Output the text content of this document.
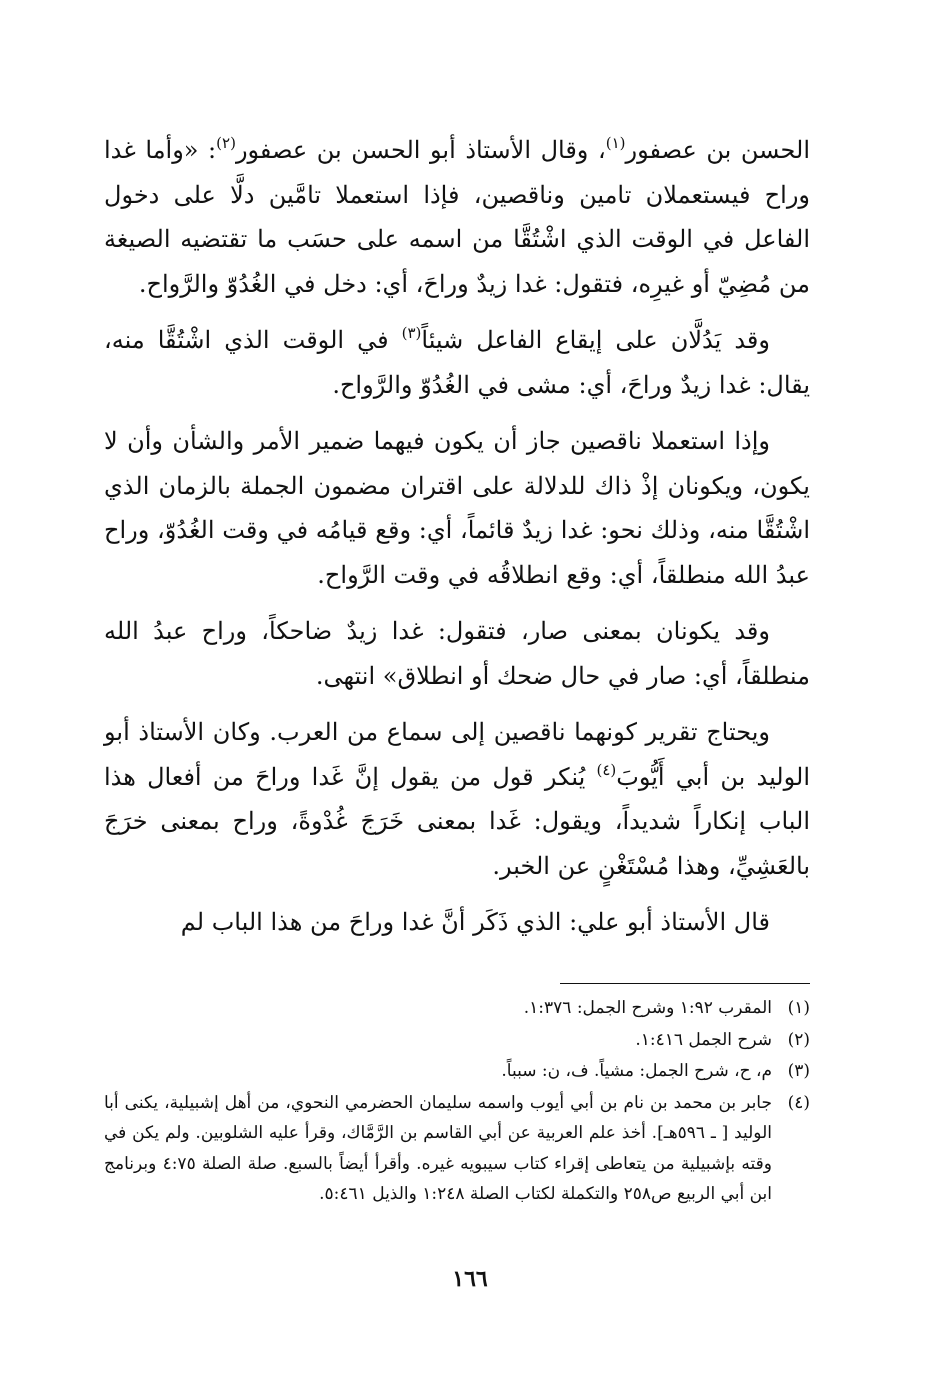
الحسن بن عصفور$^{(١)}$، وقال الأستاذ أبو الحسن بن عصفور$^{(٢)}$: «وأما غدا وراح فيستعملان تامين وناقصين، فإذا استعملا تامَّين دلَّا على دخول الفاعل في الوقت الذي اشْتُقَّا من اسمه على حسَب ما تقتضيه الصيغة من مُضِيّ أو غيرِه، فتقول: غدا زيدٌ وراحَ، أي: دخل في الغُدُوّ والرَّواح.

وقد يَدُلَّان على إيقاع الفاعل شيئاً$^{(٣)}$ في الوقت الذي اشْتُقَّا منه، يقال: غدا زيدٌ وراحَ، أي: مشى في الغُدُوّ والرَّواح.

وإذا استعملا ناقصين جاز أن يكون فيهما ضمير الأمر والشأن وأن لا يكون، ويكونان إذْ ذاك للدلالة على اقتران مضمون الجملة بالزمان الذي اشْتُقَّا منه، وذلك نحو: غدا زيدٌ قائماً، أي: وقع قيامُه في وقت الغُدُوّ، وراح عبدُ الله منطلقاً، أي: وقع انطلاقُه في وقت الرَّواح.

وقد يكونان بمعنى صار، فتقول: غدا زيدٌ ضاحكاً، وراح عبدُ الله منطلقاً، أي: صار في حال ضحك أو انطلاق» انتهى.

ويحتاج تقرير كونهما ناقصين إلى سماع من العرب. وكان الأستاذ أبو الوليد بن أبي أَيُّوبَ$^{(٤)}$ يُنكر قول من يقول إنَّ غَدا وراحَ من أفعال هذا الباب إنكاراً شديداً، ويقول: غَدا بمعنى خَرَجَ غُدْوةً، وراح بمعنى خرَجَ بالعَشِيِّ، وهذا مُسْتَغْنٍ عن الخبر.

قال الأستاذ أبو علي: الذي ذَكَر أنَّ غدا وراحَ من هذا الباب لم

(١)
المقرب ١:٩٢ وشرح الجمل: ١:٣٧٦.
(٢)
شرح الجمل ١:٤١٦.
(٣)
م، ح، شرح الجمل: مشياً. ف، ن: سبباً.
(٤)
جابر بن محمد بن نام بن أبي أيوب واسمه سليمان الحضرمي النحوي، من أهل إشبيلية، يكنى أبا الوليد [ ـ ٥٩٦هـ]. أخذ علم العربية عن أبي القاسم بن الرَّمَّاك، وقرأ عليه الشلوبين. ولم يكن في وقته بإشبيلية من يتعاطى إقراء كتاب سيبويه غيره. وأقرأ أيضاً بالسبع. صلة الصلة ٤:٧٥ وبرنامج ابن أبي الربيع ص٢٥٨ والتكملة لكتاب الصلة ١:٢٤٨ والذيل ٥:٤٦١.
١٦٦
